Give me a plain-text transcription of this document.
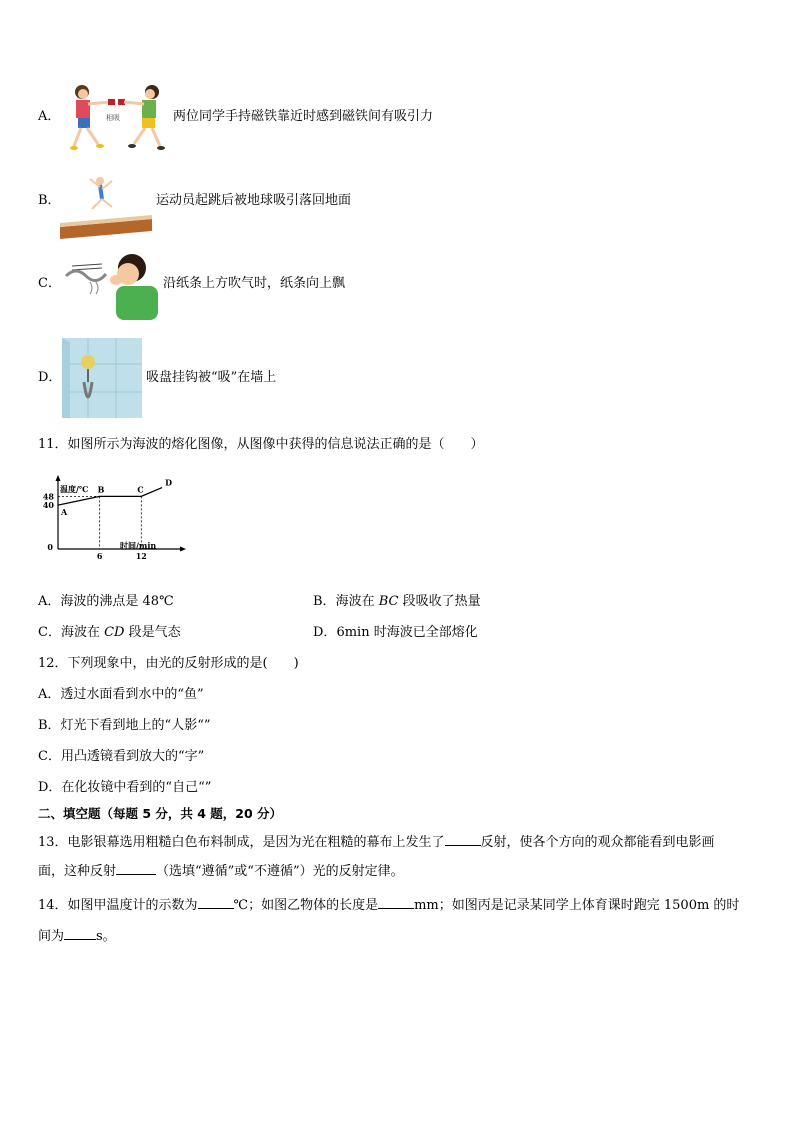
A．	相吸	两位同学手持磁铁靠近时感到磁铁间有吸引力
B．	运动员起跳后被地球吸引落回地面
C．	沿纸条上方吹气时，纸条向上飘
D．	吸盘挂钩被“吸”在墙上
11．如图所示为海波的熔化图像，从图像中获得的信息说法正确的是（　　）
温度/℃
时间/min
0
40
48
6	12
A
B	C
D
A．海波的沸点是 48℃	B．海波在 BC 段吸收了热量
C．海波在 CD 段是气态	D．6min 时海波已全部熔化
12．下列现象中，由光的反射形成的是(　　)
A．透过水面看到水中的“鱼”
B．灯光下看到地上的“人影“”
C．用凸透镜看到放大的“字”
D．在化妆镜中看到的“自己“”
二、填空题（每题 5 分，共 4 题，20 分）
13．电影银幕选用粗糙白色布料制成，是因为光在粗糙的幕布上发生了	反射，使各个方向的观众都能看到电影画
面，这种反射	（选填“遵循”或“不遵循”）光的反射定律。
14．如图甲温度计的示数为	℃；如图乙物体的长度是	mm；如图丙是记录某同学上体育课时跑完 1500m 的时
间为 s。
